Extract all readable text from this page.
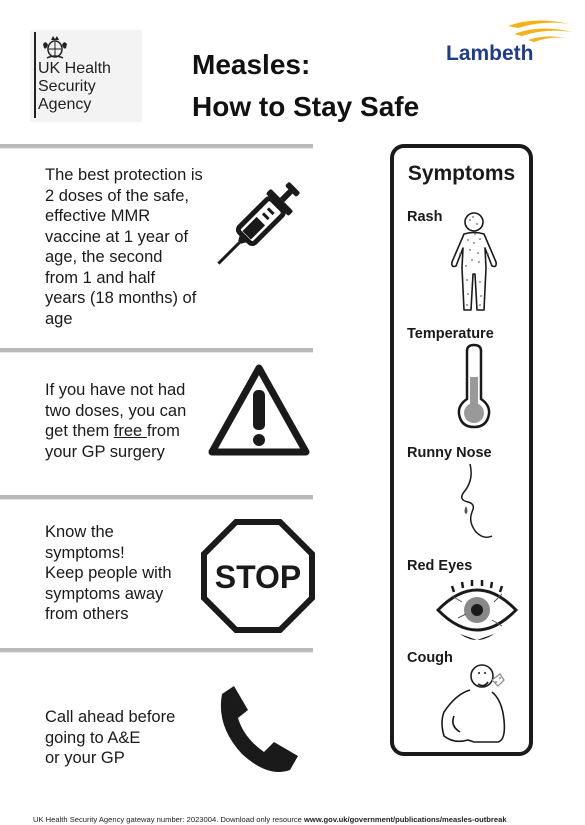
UK Health
Security
Agency
Measles:
How to Stay Safe
Lambeth
The best protection is
2 doses of the safe,
effective MMR
vaccine at 1 year of
age, the second
from 1 and half
years (18 months) of
age
If you have not had
two doses, you can
get them free from
your GP surgery
Know the
symptoms!
Keep people with
symptoms away
from others
STOP
Call ahead before
going to A&E
or your GP
Symptoms
Rash
Temperature
Runny Nose
Red Eyes
Cough
UK Health Security Agency gateway number: 2023004. Download only resource www.gov.uk/government/publications/measles-outbreak
